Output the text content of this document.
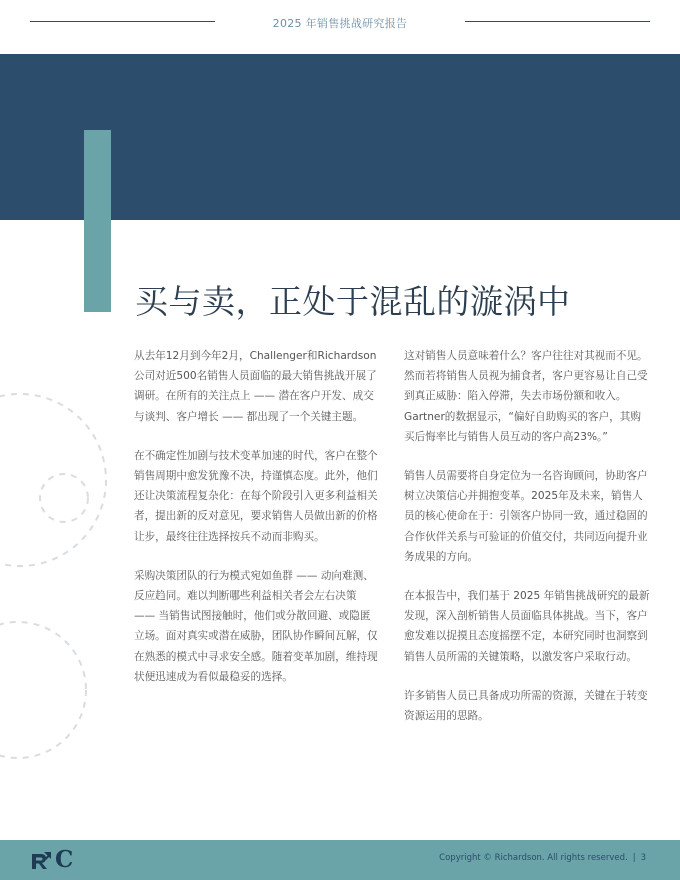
2025 年销售挑战研究报告
买与卖，正处于混乱的漩涡中

从去年12月到今年2月，Challenger和Richardson公司对近500名销售人员面临的最大销售挑战开展了调研。在所有的关注点上 —— 潜在客户开发、成交与谈判、客户增长 —— 都出现了一个关键主题。

在不确定性加剧与技术变革加速的时代，客户在整个销售周期中愈发犹豫不决，持谨慎态度。此外，他们还让决策流程复杂化：在每个阶段引入更多利益相关者，提出新的反对意见，要求销售人员做出新的价格让步，最终往往选择按兵不动而非购买。

采购决策团队的行为模式宛如鱼群 —— 动向难测、反应趋同。难以判断哪些利益相关者会左右决策 —— 当销售试图接触时，他们或分散回避、或隐匿立场。面对真实或潜在威胁，团队协作瞬间瓦解，仅在熟悉的模式中寻求安全感。随着变革加剧，维持现状便迅速成为看似最稳妥的选择。

这对销售人员意味着什么？客户往往对其视而不见。然而若将销售人员视为捕食者，客户更容易让自己受到真正威胁：陷入停滞，失去市场份额和收入。Gartner的数据显示，“偏好自助购买的客户，其购买后悔率比与销售人员互动的客户高23%。”

销售人员需要将自身定位为一名咨询顾问，协助客户树立决策信心并拥抱变革。2025年及未来，销售人员的核心使命在于：引领客户协同一致，通过稳固的合作伙伴关系与可验证的价值交付，共同迈向提升业务成果的方向。

在本报告中，我们基于 2025 年销售挑战研究的最新发现，深入剖析销售人员面临具体挑战。当下，客户愈发难以捉摸且态度摇摆不定，本研究同时也洞察到销售人员所需的关键策略，以激发客户采取行动。

许多销售人员已具备成功所需的资源，关键在于转变资源运用的思路。

C	Copyright © Richardson. All rights reserved. | 3
